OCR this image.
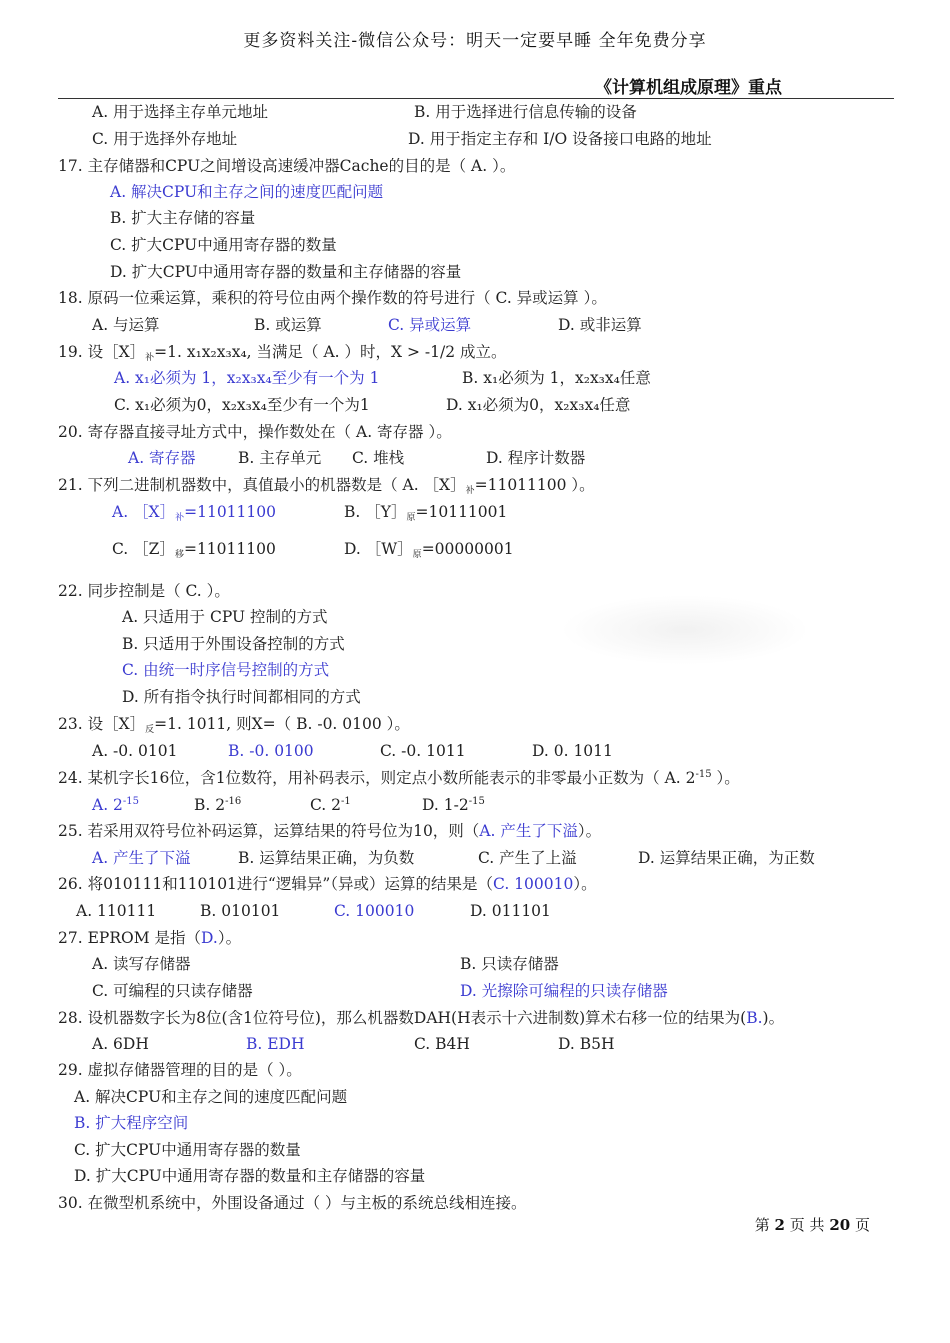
更多资料关注-微信公众号：明天一定要早睡 全年免费分享
《计算机组成原理》重点
A. 用于选择主存单元地址	B. 用于选择进行信息传输的设备
C. 用于选择外存地址	D. 用于指定主存和 I/O 设备接口电路的地址
17. 主存储器和CPU之间增设高速缓冲器Cache的目的是（ A. ）。
A. 解决CPU和主存之间的速度匹配问题
B. 扩大主存储的容量
C. 扩大CPU中通用寄存器的数量
D. 扩大CPU中通用寄存器的数量和主存储器的容量
18. 原码一位乘运算，乘积的符号位由两个操作数的符号进行（ C. 异或运算 ）。
A. 与运算	B. 或运算	C. 异或运算	D. 或非运算
19. 设$[X]_补=1$. x₁x₂x₃x₄, 当满足（ A. ）时，X > -1/2 成立。
A. x₁必须为 1，x₂x₃x₄至少有一个为 1	B. x₁必须为 1，x₂x₃x₄任意
C. x₁必须为0，x₂x₃x₄至少有一个为1	D. x₁必须为0，x₂x₃x₄任意
20. 寄存器直接寻址方式中，操作数处在（ A. 寄存器 ）。
A. 寄存器	B. 主存单元 C. 堆栈	D. 程序计数器
21. 下列二进制机器数中，真值最小的机器数是（ A. $[X]_补=11011100$ ）。
A. $[X]_补=11011100$	B. $[Y]_原=10111001$
C. $[Z]_移=11011100$	D. $[W]_原=00000001$
22. 同步控制是（ C. ）。
A. 只适用于 CPU 控制的方式
B. 只适用于外围设备控制的方式
C. 由统一时序信号控制的方式
D. 所有指令执行时间都相同的方式
23. 设$[X]_反=1$. 1011, 则X=（ B. -0. 0100 ）。
A. -0. 0101	B. -0. 0100	C. -0. 1011	D. 0. 1011
24. 某机字长16位，含1位数符，用补码表示，则定点小数所能表示的非零最小正数为（ A. $2^{-15}$ ）。
A. $2^{-15}$	B. $2^{-16}$	C. $2^{-1}$	D. $1-2^{-15}$
25. 若采用双符号位补码运算，运算结果的符号位为10，则（A. 产生了下溢）。
A. 产生了下溢	B. 运算结果正确，为负数	C. 产生了上溢	D. 运算结果正确，为正数
26. 将010111和110101进行“逻辑异”（异或）运算的结果是（C. 100010）。
A. 110111	B. 010101	C. 100010	D. 011101
27. EPROM 是指（D.）。
A. 读写存储器	B. 只读存储器
C. 可编程的只读存储器	D. 光擦除可编程的只读存储器
28. 设机器数字长为8位(含1位符号位)，那么机器数DAH(H表示十六进制数)算术右移一位的结果为(B.)。
A. 6DH	B. EDH	C. B4H	D. B5H
29. 虚拟存储器管理的目的是（ ）。
A. 解决CPU和主存之间的速度匹配问题
B. 扩大程序空间
C. 扩大CPU中通用寄存器的数量
D. 扩大CPU中通用寄存器的数量和主存储器的容量
30. 在微型机系统中，外围设备通过（ ）与主板的系统总线相连接。
第 2 页 共 20 页
